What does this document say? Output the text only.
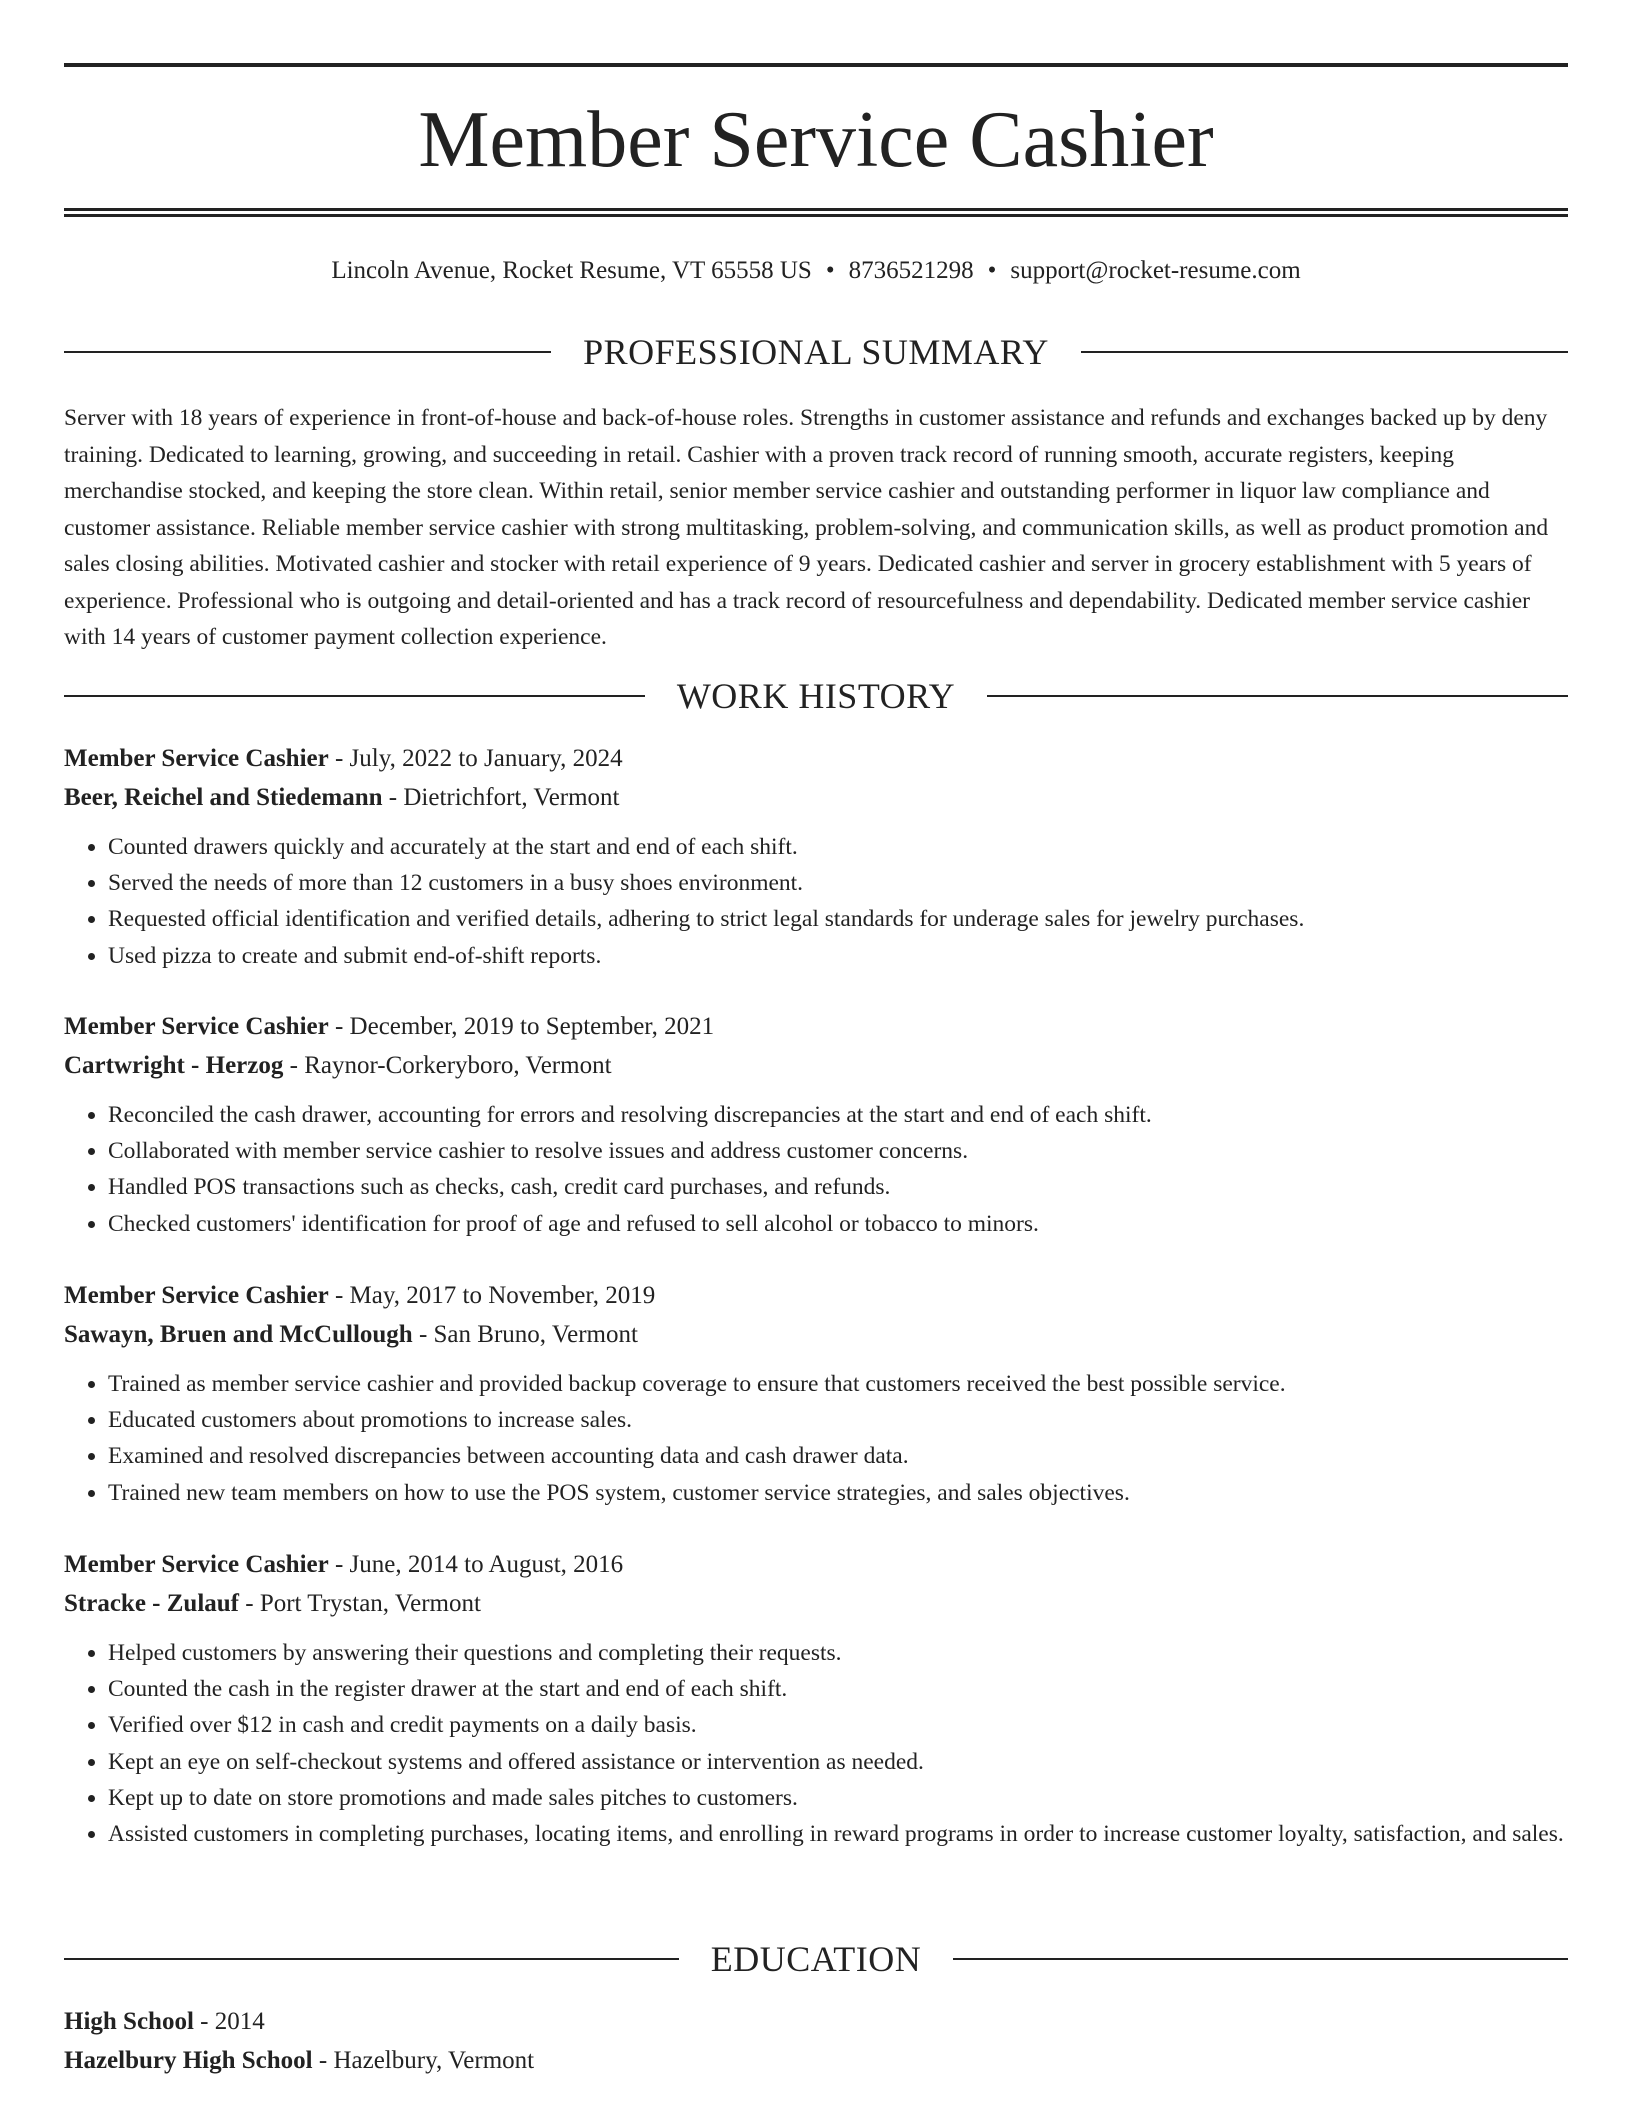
Member Service Cashier
Lincoln Avenue, Rocket Resume, VT 65558 US • 8736521298 • support@rocket-resume.com
PROFESSIONAL SUMMARY

Server with 18 years of experience in front-of-house and back-of-house roles. Strengths in customer assistance and refunds and exchanges backed up by deny training. Dedicated to learning, growing, and succeeding in retail. Cashier with a proven track record of running smooth, accurate registers, keeping merchandise stocked, and keeping the store clean. Within retail, senior member service cashier and outstanding performer in liquor law compliance and customer assistance. Reliable member service cashier with strong multitasking, problem-solving, and communication skills, as well as product promotion and sales closing abilities. Motivated cashier and stocker with retail experience of 9 years. Dedicated cashier and server in grocery establishment with 5 years of experience. Professional who is outgoing and detail-oriented and has a track record of resourcefulness and dependability. Dedicated member service cashier with 14 years of customer payment collection experience.

WORK HISTORY

Member Service Cashier - July, 2022 to January, 2024

Beer, Reichel and Stiedemann - Dietrichfort, Vermont

• Counted drawers quickly and accurately at the start and end of each shift.
• Served the needs of more than 12 customers in a busy shoes environment.
• Requested official identification and verified details, adhering to strict legal standards for underage sales for jewelry purchases.
• Used pizza to create and submit end-of-shift reports.

Member Service Cashier - December, 2019 to September, 2021

Cartwright - Herzog - Raynor-Corkeryboro, Vermont

• Reconciled the cash drawer, accounting for errors and resolving discrepancies at the start and end of each shift.
• Collaborated with member service cashier to resolve issues and address customer concerns.
• Handled POS transactions such as checks, cash, credit card purchases, and refunds.
• Checked customers' identification for proof of age and refused to sell alcohol or tobacco to minors.

Member Service Cashier - May, 2017 to November, 2019

Sawayn, Bruen and McCullough - San Bruno, Vermont

• Trained as member service cashier and provided backup coverage to ensure that customers received the best possible service.
• Educated customers about promotions to increase sales.
• Examined and resolved discrepancies between accounting data and cash drawer data.
• Trained new team members on how to use the POS system, customer service strategies, and sales objectives.

Member Service Cashier - June, 2014 to August, 2016

Stracke - Zulauf - Port Trystan, Vermont

• Helped customers by answering their questions and completing their requests.
• Counted the cash in the register drawer at the start and end of each shift.
• Verified over $12 in cash and credit payments on a daily basis.
• Kept an eye on self-checkout systems and offered assistance or intervention as needed.
• Kept up to date on store promotions and made sales pitches to customers.
• Assisted customers in completing purchases, locating items, and enrolling in reward programs in order to increase customer loyalty, satisfaction, and sales.
EDUCATION

High School - 2014

Hazelbury High School - Hazelbury, Vermont
